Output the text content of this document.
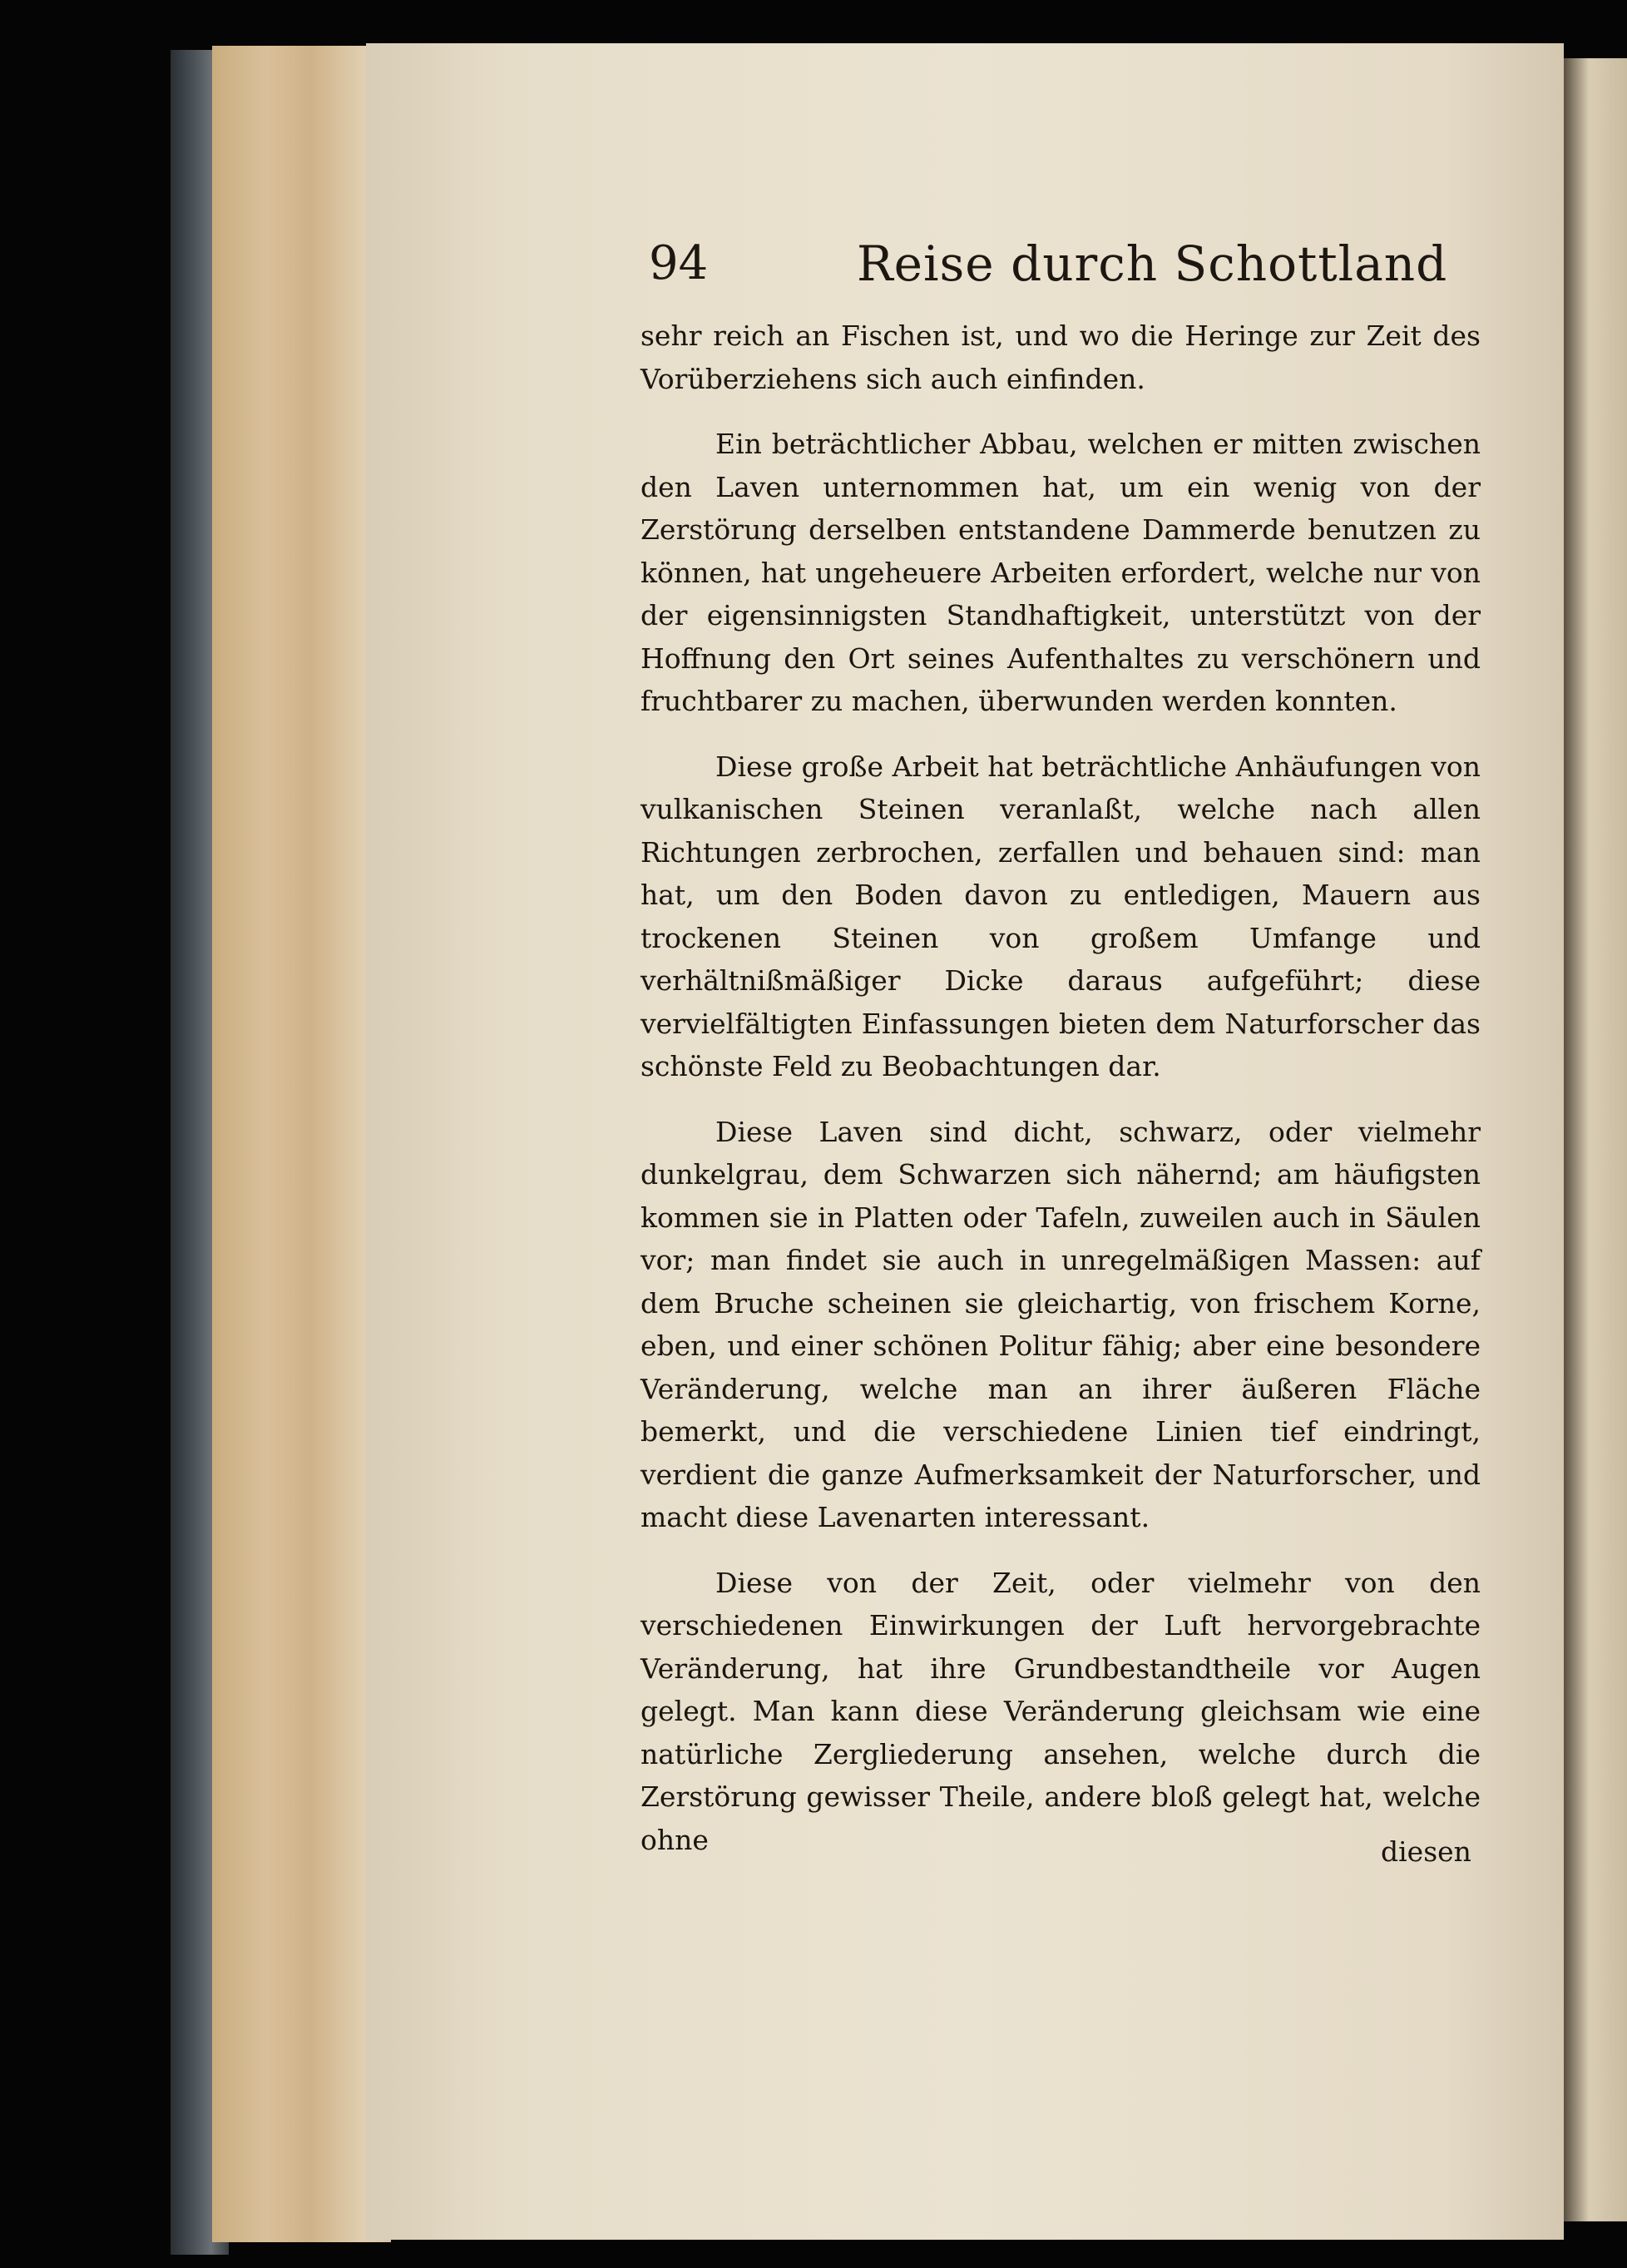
94	Reise durch Schottland

sehr reich an Fischen ist, und wo die Heringe zur Zeit des Vorüberziehens sich auch einfinden.

Ein beträchtlicher Abbau, welchen er mitten zwischen den Laven unternommen hat, um ein wenig von der Zerstörung derselben entstandene Dammerde benutzen zu können, hat ungeheuere Arbeiten erfordert, welche nur von der eigensinnigsten Standhaftigkeit, unterstützt von der Hoffnung den Ort seines Aufenthaltes zu verschönern und fruchtbarer zu machen, überwunden werden konnten.

Diese große Arbeit hat beträchtliche Anhäufungen von vulkanischen Steinen veranlaßt, welche nach allen Richtungen zerbrochen, zerfallen und behauen sind: man hat, um den Boden davon zu entledigen, Mauern aus trockenen Steinen von großem Umfange und verhältnißmäßiger Dicke daraus aufgeführt; diese vervielfältigten Einfassungen bieten dem Naturforscher das schönste Feld zu Beobachtungen dar.

Diese Laven sind dicht, schwarz, oder vielmehr dunkelgrau, dem Schwarzen sich nähernd; am häufigsten kommen sie in Platten oder Tafeln, zuweilen auch in Säulen vor; man findet sie auch in unregelmäßigen Massen: auf dem Bruche scheinen sie gleichartig, von frischem Korne, eben, und einer schönen Politur fähig; aber eine besondere Veränderung, welche man an ihrer äußeren Fläche bemerkt, und die verschiedene Linien tief eindringt, verdient die ganze Aufmerksamkeit der Naturforscher, und macht diese Lavenarten interessant.

Diese von der Zeit, oder vielmehr von den verschiedenen Einwirkungen der Luft hervorgebrachte Veränderung, hat ihre Grundbestandtheile vor Augen gelegt. Man kann diese Veränderung gleichsam wie eine natürliche Zergliederung ansehen, welche durch die Zerstörung gewisser Theile, andere bloß gelegt hat, welche ohne	diesen
